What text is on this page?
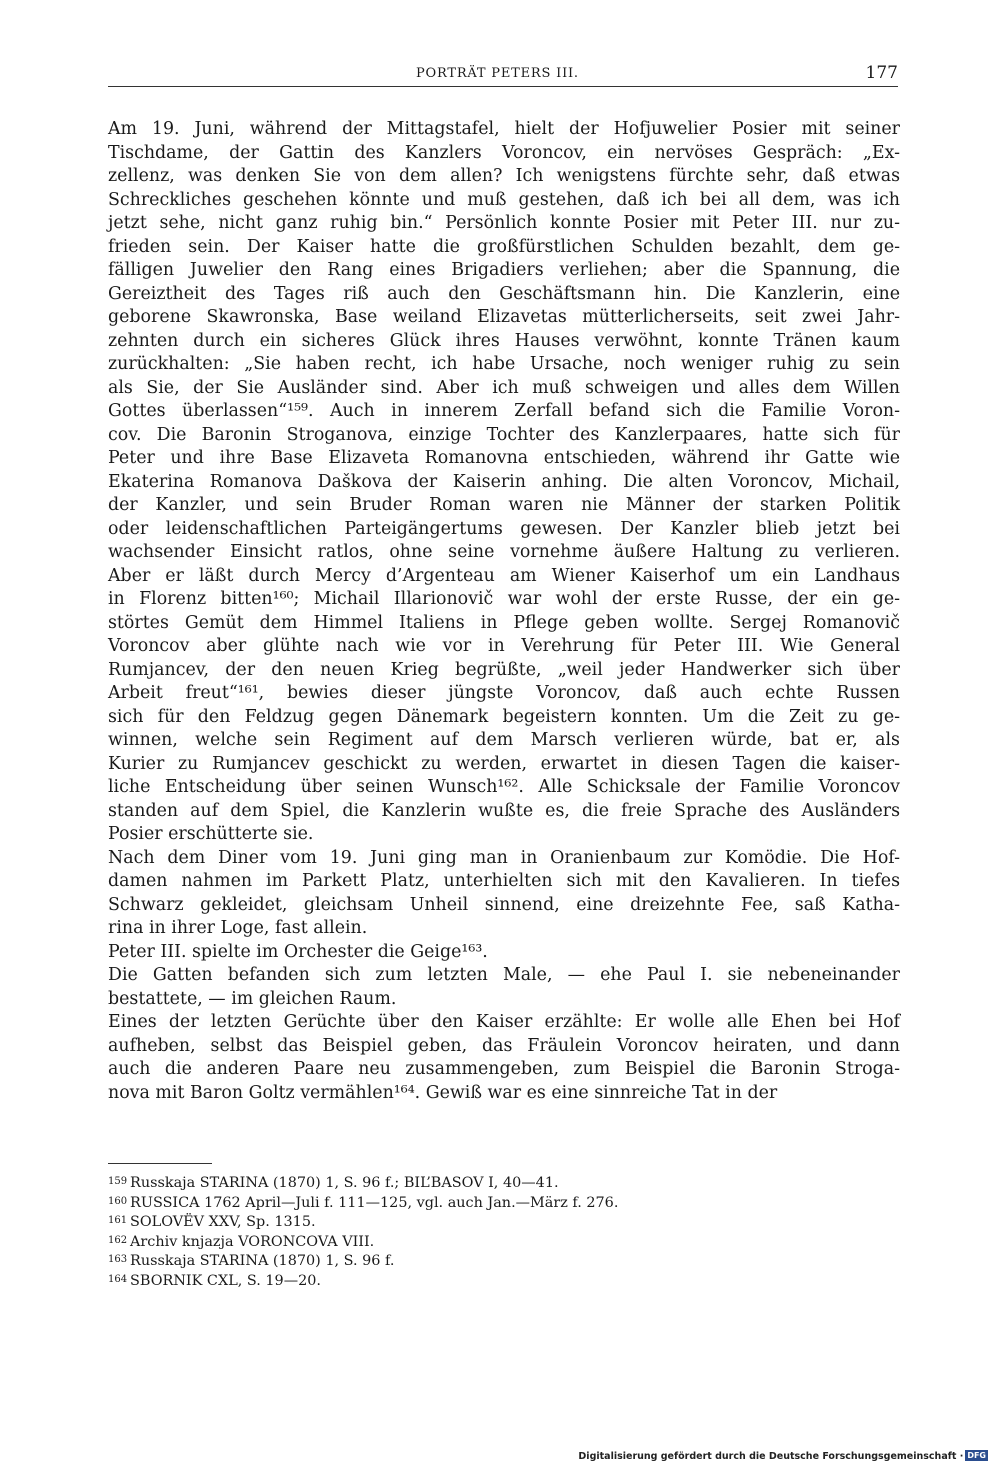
PORTRÄT PETERS III.	177
Am 19. Juni, während der Mittagstafel, hielt der Hofjuwelier Posier mit seiner
Tischdame, der Gattin des Kanzlers Voroncov, ein nervöses Gespräch: „Ex-
zellenz, was denken Sie von dem allen? Ich wenigstens fürchte sehr, daß etwas
Schreckliches geschehen könnte und muß gestehen, daß ich bei all dem, was ich
jetzt sehe, nicht ganz ruhig bin.“ Persönlich konnte Posier mit Peter III. nur zu-
frieden sein. Der Kaiser hatte die großfürstlichen Schulden bezahlt, dem ge-
fälligen Juwelier den Rang eines Brigadiers verliehen; aber die Spannung, die
Gereiztheit des Tages riß auch den Geschäftsmann hin. Die Kanzlerin, eine
geborene Skawronska, Base weiland Elizavetas mütterlicherseits, seit zwei Jahr-
zehnten durch ein sicheres Glück ihres Hauses verwöhnt, konnte Tränen kaum
zurückhalten: „Sie haben recht, ich habe Ursache, noch weniger ruhig zu sein
als Sie, der Sie Ausländer sind. Aber ich muß schweigen und alles dem Willen
Gottes überlassen“¹⁵⁹. Auch in innerem Zerfall befand sich die Familie Voron-
cov. Die Baronin Stroganova, einzige Tochter des Kanzlerpaares, hatte sich für
Peter und ihre Base Elizaveta Romanovna entschieden, während ihr Gatte wie
Ekaterina Romanova Daškova der Kaiserin anhing. Die alten Voroncov, Michail,
der Kanzler, und sein Bruder Roman waren nie Männer der starken Politik
oder leidenschaftlichen Parteigängertums gewesen. Der Kanzler blieb jetzt bei
wachsender Einsicht ratlos, ohne seine vornehme äußere Haltung zu verlieren.
Aber er läßt durch Mercy d’Argenteau am Wiener Kaiserhof um ein Landhaus
in Florenz bitten¹⁶⁰; Michail Illarionovič war wohl der erste Russe, der ein ge-
störtes Gemüt dem Himmel Italiens in Pflege geben wollte. Sergej Romanovič
Voroncov aber glühte nach wie vor in Verehrung für Peter III. Wie General
Rumjancev, der den neuen Krieg begrüßte, „weil jeder Handwerker sich über
Arbeit freut“¹⁶¹, bewies dieser jüngste Voroncov, daß auch echte Russen
sich für den Feldzug gegen Dänemark begeistern konnten. Um die Zeit zu ge-
winnen, welche sein Regiment auf dem Marsch verlieren würde, bat er, als
Kurier zu Rumjancev geschickt zu werden, erwartet in diesen Tagen die kaiser-
liche Entscheidung über seinen Wunsch¹⁶². Alle Schicksale der Familie Voroncov
standen auf dem Spiel, die Kanzlerin wußte es, die freie Sprache des Ausländers
Posier erschütterte sie.
Nach dem Diner vom 19. Juni ging man in Oranienbaum zur Komödie. Die Hof-
damen nahmen im Parkett Platz, unterhielten sich mit den Kavalieren. In tiefes
Schwarz gekleidet, gleichsam Unheil sinnend, eine dreizehnte Fee, saß Katha-
rina in ihrer Loge, fast allein.
Peter III. spielte im Orchester die Geige¹⁶³.
Die Gatten befanden sich zum letzten Male, — ehe Paul I. sie nebeneinander
bestattete, — im gleichen Raum.
Eines der letzten Gerüchte über den Kaiser erzählte: Er wolle alle Ehen bei Hof
aufheben, selbst das Beispiel geben, das Fräulein Voroncov heiraten, und dann
auch die anderen Paare neu zusammengeben, zum Beispiel die Baronin Stroga-
nova mit Baron Goltz vermählen¹⁶⁴. Gewiß war es eine sinnreiche Tat in der
159 Russkaja STARINA (1870) 1, S. 96 f.; BIL’BASOV I, 40—41.
160 RUSSICA 1762 April—Juli f. 111—125, vgl. auch Jan.—März f. 276.
161 SOLOVЁV XXV, Sp. 1315.
162 Archiv knjazja VORONCOVA VIII.
163 Russkaja STARINA (1870) 1, S. 96 f.
164 SBORNIK CXL, S. 19—20.
Digitalisierung gefördert durch die Deutsche Forschungsgemeinschaft · DFG
